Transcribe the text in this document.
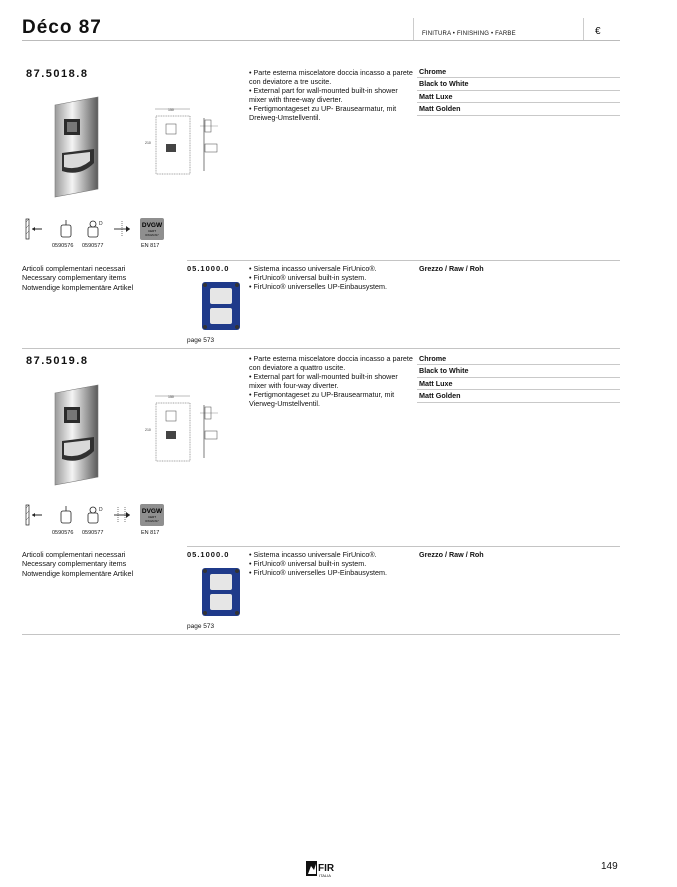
Déco 87	FINITURA • FINISHING • FARBE	€
87.5018.8	• Parte esterna miscelatore doccia incasso a parete con deviatore a tre uscite.

• External part for wall-mounted built-in shower mixer with three-way diverter.

• Fertigmontageset zu UP- Brausearmatur, mit Dreiweg-Umstellventil.

Chrome
Black to White
Matt Luxe
Matt Golden
150
210
D	DVGW
CERT
DIN EN 817
0590576 0590577	EN 817
Articoli complementari necessari
Necessary complementary items
Notwendige komplementäre Artikel
05.1000.0	• Sistema incasso universale FirUnico®.

• FirUnico® universal built-in system.

• FirUnico® universelles UP-Einbausystem.

Grezzo / Raw / Roh
page 573
87.5019.8	• Parte esterna miscelatore doccia incasso a parete con deviatore a quattro uscite.

• External part for wall-mounted built-in shower mixer with four-way diverter.

• Fertigmontageset zu UP-Brausearmatur, mit Vierweg-Umstellventil.

Chrome
Black to White
Matt Luxe
Matt Golden
150
210
D	DVGW
CERT
DIN EN 817
0590576 0590577	EN 817
Articoli complementari necessari
Necessary complementary items
Notwendige komplementäre Artikel
05.1000.0	• Sistema incasso universale FirUnico®.

• FirUnico® universal built-in system.

• FirUnico® universelles UP-Einbausystem.

Grezzo / Raw / Roh
page 573
FIR
ITALIA
149
